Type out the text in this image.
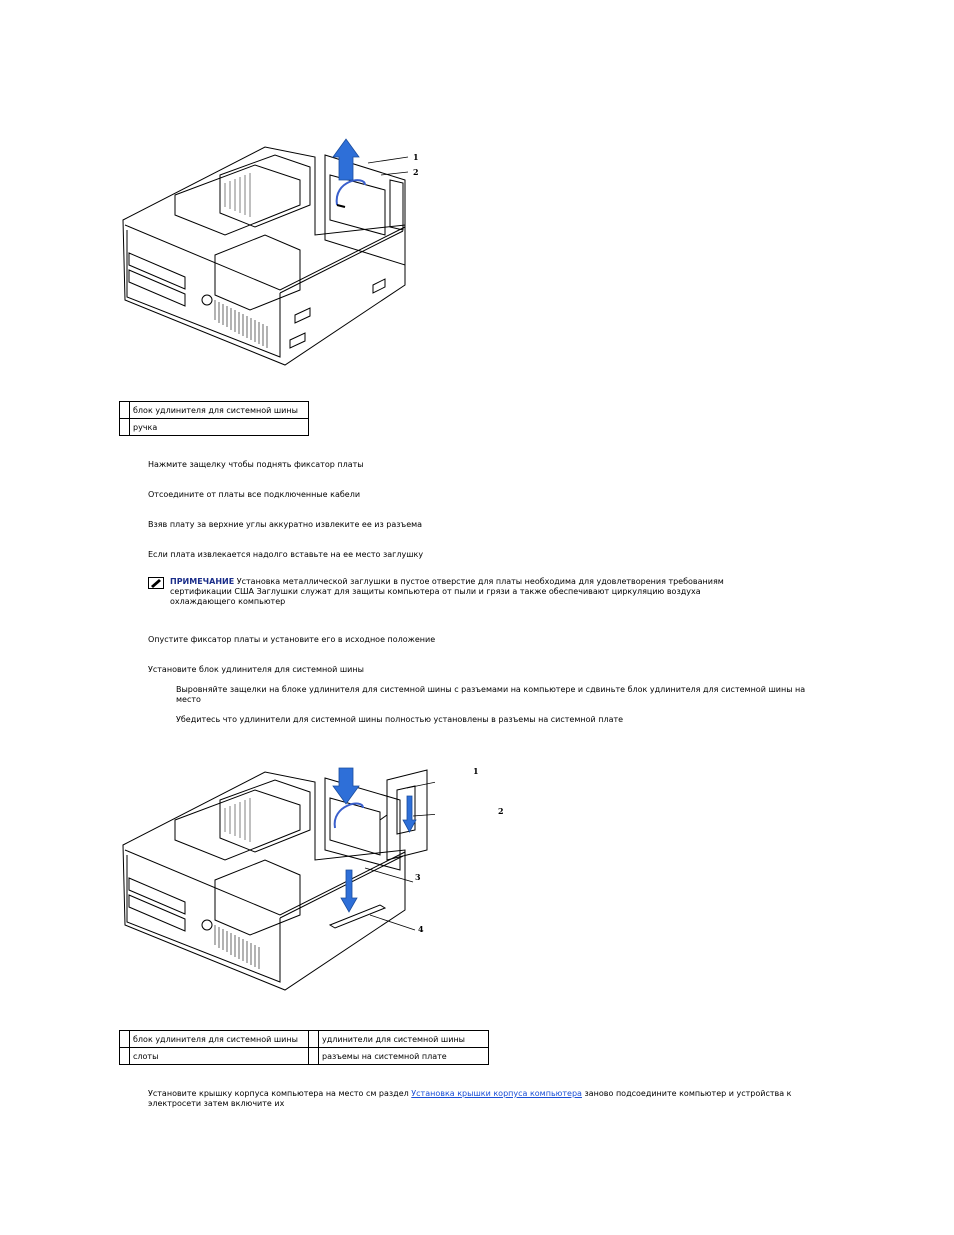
1
2
	блок удлинителя для системной шины
	ручка
Нажмите защелку чтобы поднять фиксатор платы
Отсоедините от платы все подключенные кабели
Взяв плату за верхние углы аккуратно извлеките ее из разъема
Если плата извлекается надолго вставьте на ее место заглушку
ПРИМЕЧАНИЕ Установка металлической заглушки в пустое отверстие для платы необходима для удовлетворения требованиям
сертификации США Заглушки служат для защиты компьютера от пыли и грязи а также обеспечивают циркуляцию воздуха
охлаждающего компьютер
Опустите фиксатор платы и установите его в исходное положение
Установите блок удлинителя для системной шины
Выровняйте защелки на блоке удлинителя для системной шины с разъемами на компьютере и сдвиньте блок удлинителя для системной шины на место
Убедитесь что удлинители для системной шины полностью установлены в разъемы на системной плате
3
4
1
2
	блок удлинителя для системной шины		удлинители для системной шины
	слоты		разъемы на системной плате
Установите крышку корпуса компьютера на место см раздел Установка крышки корпуса компьютера заново подсоедините компьютер и устройства к электросети затем включите их
